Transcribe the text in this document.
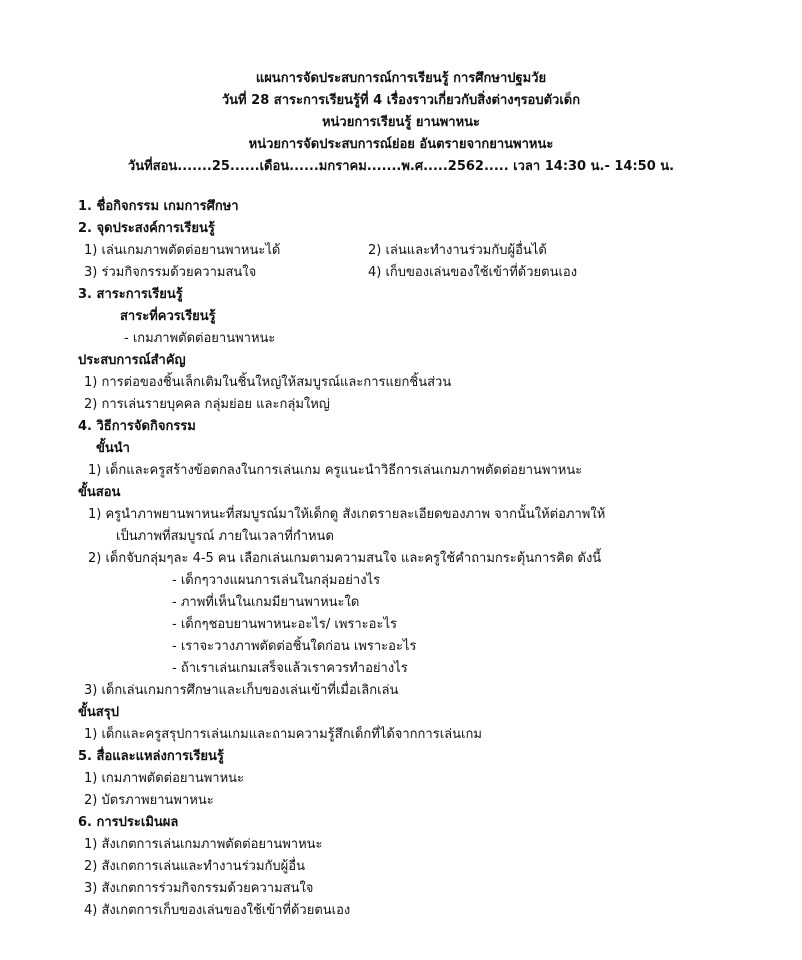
แผนการจัดประสบการณ์การเรียนรู้ การศึกษาปฐมวัย
วันที่ 28 สาระการเรียนรู้ที่ 4 เรื่องราวเกี่ยวกับสิ่งต่างๆรอบตัวเด็ก
หน่วยการเรียนรู้ ยานพาหนะ
หน่วยการจัดประสบการณ์ย่อย อันตรายจากยานพาหนะ
วันที่สอน.......25......เดือน......มกราคม.......พ.ศ.....2562..... เวลา 14:30 น.- 14:50 น.
1. ชื่อกิจกรรม เกมการศึกษา
2. จุดประสงค์การเรียนรู้
1) เล่นเกมภาพตัดต่อยานพาหนะได้	2) เล่นและทำงานร่วมกับผู้อื่นได้
3) ร่วมกิจกรรมด้วยความสนใจ	4) เก็บของเล่นของใช้เข้าที่ด้วยตนเอง
3. สาระการเรียนรู้
สาระที่ควรเรียนรู้
- เกมภาพตัดต่อยานพาหนะ
ประสบการณ์สำคัญ
1) การต่อของชิ้นเล็กเติมในชิ้นใหญ่ให้สมบูรณ์และการแยกชิ้นส่วน
2) การเล่นรายบุคคล กลุ่มย่อย และกลุ่มใหญ่
4. วิธีการจัดกิจกรรม
ขั้นนำ
1) เด็กและครูสร้างข้อตกลงในการเล่นเกม ครูแนะนำวิธีการเล่นเกมภาพตัดต่อยานพาหนะ
ขั้นสอน
1) ครูนำภาพยานพาหนะที่สมบูรณ์มาให้เด็กดู สังเกตรายละเอียดของภาพ จากนั้นให้ต่อภาพให้
เป็นภาพที่สมบูรณ์ ภายในเวลาที่กำหนด
2) เด็กจับกลุ่มๆละ 4-5 คน เลือกเล่นเกมตามความสนใจ และครูใช้คำถามกระตุ้นการคิด ดังนี้
- เด็กๆวางแผนการเล่นในกลุ่มอย่างไร
- ภาพที่เห็นในเกมมียานพาหนะใด
- เด็กๆชอบยานพาหนะอะไร/ เพราะอะไร
- เราจะวางภาพตัดต่อชิ้นใดก่อน เพราะอะไร
- ถ้าเราเล่นเกมเสร็จแล้วเราควรทำอย่างไร
3) เด็กเล่นเกมการศึกษาและเก็บของเล่นเข้าที่เมื่อเลิกเล่น
ขั้นสรุป
1) เด็กและครูสรุปการเล่นเกมและถามความรู้สึกเด็กที่ได้จากการเล่นเกม
5. สื่อและแหล่งการเรียนรู้
1) เกมภาพตัดต่อยานพาหนะ
2) บัตรภาพยานพาหนะ
6. การประเมินผล
1) สังเกตการเล่นเกมภาพตัดต่อยานพาหนะ
2) สังเกตการเล่นและทำงานร่วมกับผู้อื่น
3) สังเกตการร่วมกิจกรรมด้วยความสนใจ
4) สังเกตการเก็บของเล่นของใช้เข้าที่ด้วยตนเอง
